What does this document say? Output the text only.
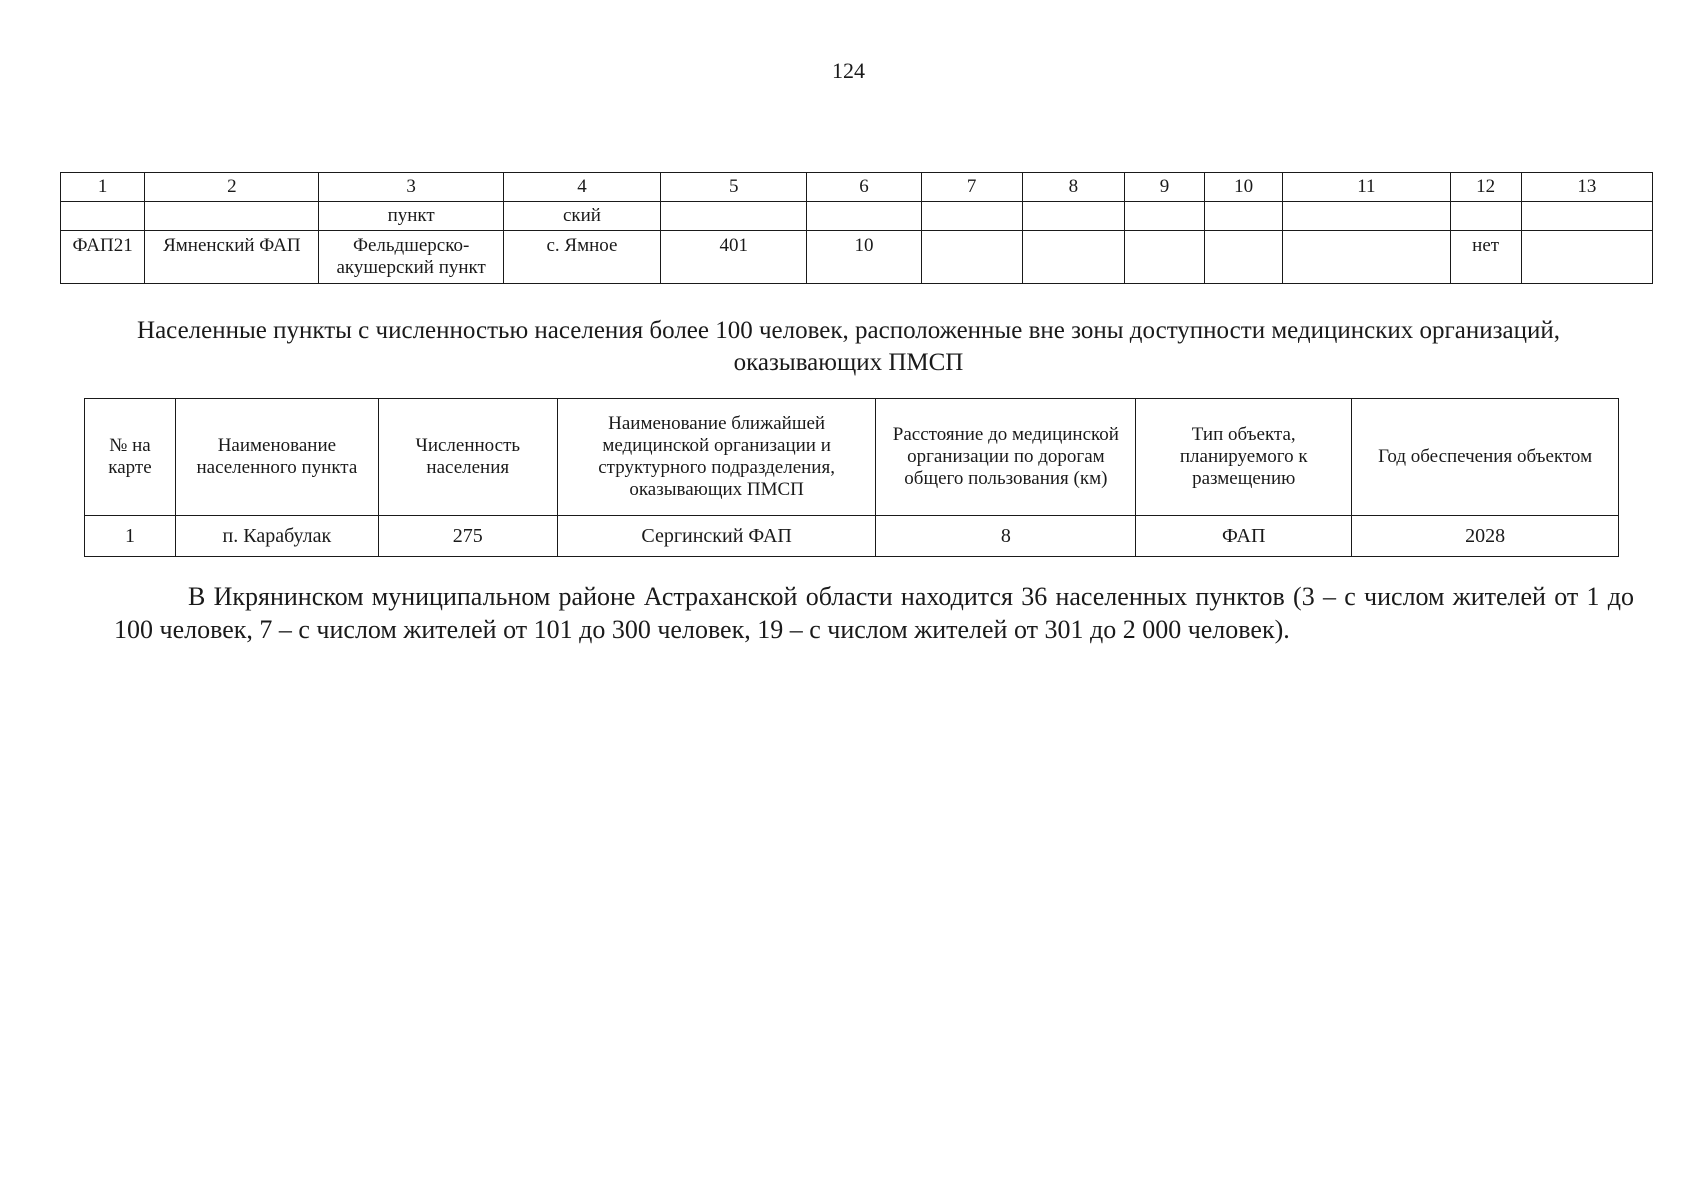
124
1	2	3	4	5	6	7	8	9	10	11	12	13
		пункт	ский									
ФАП21	Ямненский ФАП	Фельдшерско-акушерский пункт	с. Ямное	401	10						нет	
Населенные пункты с численностью населения более 100 человек, расположенные вне зоны доступности медицинских организаций, оказывающих ПМСП
№ на карте	Наименование населенного пункта	Численность населения	Наименование ближайшей медицинской организации и структурного подразделения, оказывающих ПМСП	Расстояние до медицинской организации по дорогам общего пользования (км)	Тип объекта, планируемого к размещению	Год обеспечения объектом
1	п. Карабулак	275	Сергинский ФАП	8	ФАП	2028

В Икрянинском муниципальном районе Астраханской области находится 36 населенных пунктов (3 – с числом жителей от 1 до 100 человек, 7 – с числом жителей от 101 до 300 человек, 19 – с числом жителей от 301 до 2 000 человек).
